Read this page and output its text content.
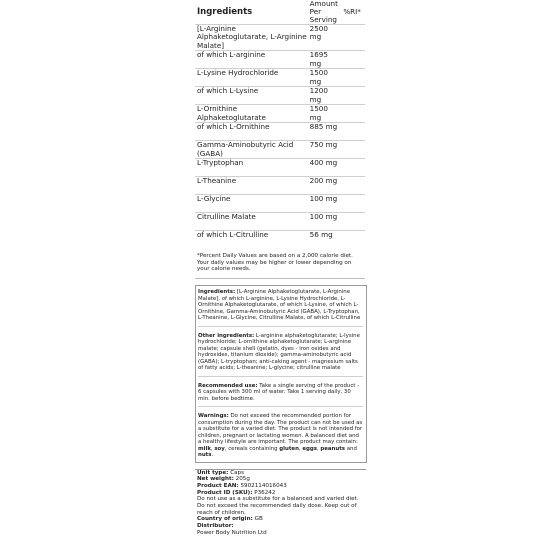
Ingredients	Amount Per Serving	%RI*
[L-Arginine Alphaketoglutarate, L-Arginine Malate]	2500 mg	
of which L-arginine	1695 mg	
L-Lysine Hydrochloride	1500 mg	
of which L-Lysine	1200 mg	
L-Ornithine Alphaketoglutarate	1500 mg	
of which L-Ornithine	885 mg	
Gamma-Aminobutyric Acid (GABA)	750 mg	
L-Tryptophan	400 mg	
L-Theanine	200 mg	
L-Glycine	100 mg	
Citrulline Malate	100 mg	
of which L-Citrulline	56 mg	
*Percent Daily Values are based on a 2,000 calorie diet. Your daily values may be higher or lower depending on your calorie needs.
Ingredients: [L-Arginine Alphaketoglutarate, L-Arginine Malate], of which L-arginine, L-Lysine Hydrochloride, L-Ornithine Alphaketoglutarate, of which L-Lysine, of which L-Ornithine, Gamma-Aminobutyric Acid (GABA), L-Tryptophan, L-Theanine, L-Glycine, Citrulline Malate, of which L-Citrulline
Other ingredients: L-arginine alphaketoglutarate; L-lysine hydrochloride; L-ornithine alphaketoglutarate; L-arginine malate; capsule shell (gelatin, dyes - iron oxides and hydroxides, titanium dioxide); gamma-aminobutyric acid (GABA); L-tryptophan; anti-caking agent - magnesium salts of fatty acids; L-theanine; L-glycine; citrulline malate
Recommended use: Take a single serving of the product - 6 capsules with 300 ml of water. Take 1 serving daily, 30 min. before bedtime.
Warnings: Do not exceed the recommended portion for consumption during the day. The product can not be used as a substitute for a varied diet. The product is not intended for children, pregnant or lactating women. A balanced diet and a healthy lifestyle are important. The product may contain: milk, soy, cereals containing gluten, eggs, peanuts and nuts.
Unit type: Caps
Net weight: 205g
Product EAN: 5902114016043
Product ID (SKU): P36242
Do not use as a substitute for a balanced and varied diet. Do not exceed the recommended daily dose. Keep out of reach of children.
Country of origin: GB
Distributor:
Power Body Nutrition Ltd
